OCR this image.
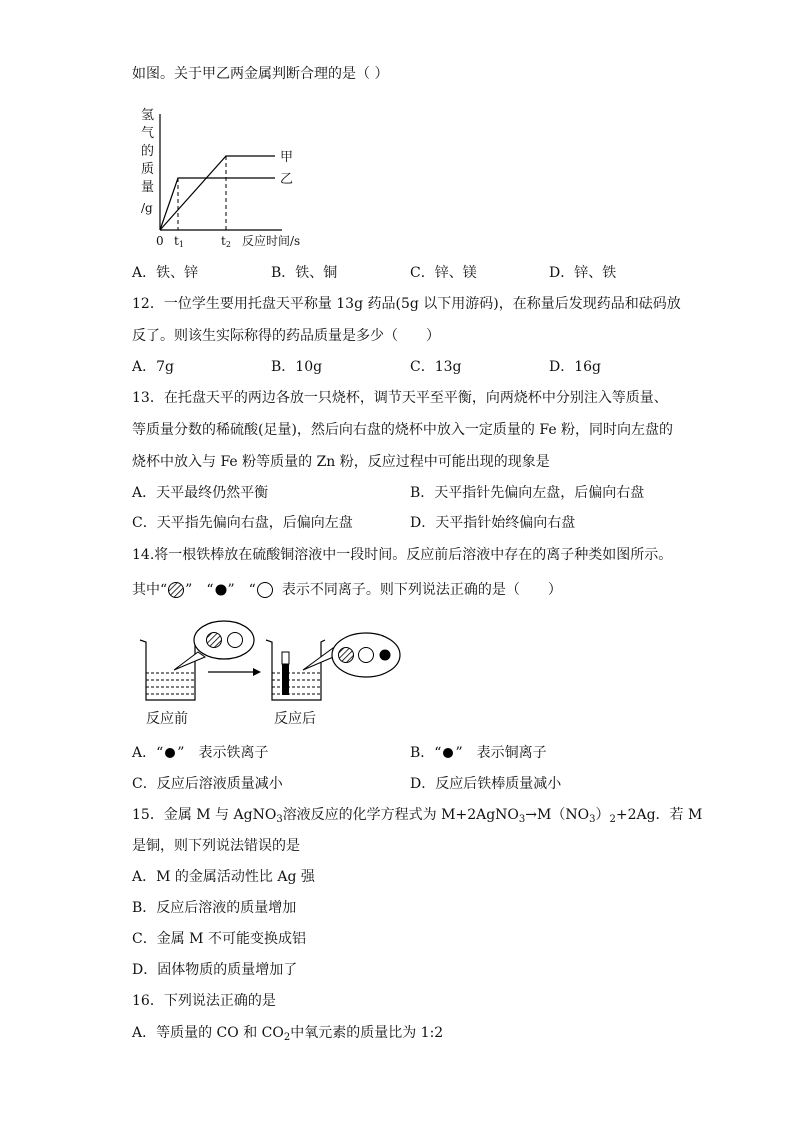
如图。关于甲乙两金属判断合理的是（ ）
氢
气
的
质
量
/g
甲
乙
0 t1	t2 反应时间/s
A．铁、锌	B．铁、铜	C．锌、镁	D．锌、铁
12．一位学生要用托盘天平称量 13g 药品(5g 以下用游码)，在称量后发现药品和砝码放
反了。则该生实际称得的药品质量是多少（　　）
A．7g	B．10g	C．13g	D．16g
13．在托盘天平的两边各放一只烧杯，调节天平至平衡，向两烧杯中分别注入等质量、
等质量分数的稀硫酸(足量)，然后向右盘的烧杯中放入一定质量的 Fe 粉，同时向左盘的
烧杯中放入与 Fe 粉等质量的 Zn 粉，反应过程中可能出现的现象是
A．天平最终仍然平衡	B．天平指针先偏向左盘，后偏向右盘
C．天平指先偏向右盘，后偏向左盘	D．天平指针始终偏向右盘
14.将一根铁棒放在硫酸铜溶液中一段时间。反应前后溶液中存在的离子种类如图所示。
其中“ ”　“ ”　“ 表示不同离子。则下列说法正确的是（　　）
反应前	反应后
A．“ ”　表示铁离子	B．“ ”　表示铜离子
C．反应后溶液质量减小	D．反应后铁棒质量减小
15．金属 M 与 AgNO$_3$溶液反应的化学方程式为 $M+2AgNO_3\to M(NO_3)_2+2Ag$．若 M
是铜，则下列说法错误的是
A．M 的金属活动性比 Ag 强
B．反应后溶液的质量增加
C．金属 M 不可能变换成铝
D．固体物质的质量增加了
16．下列说法正确的是
A．等质量的 CO 和 $CO_2$中氧元素的质量比为 1:2
